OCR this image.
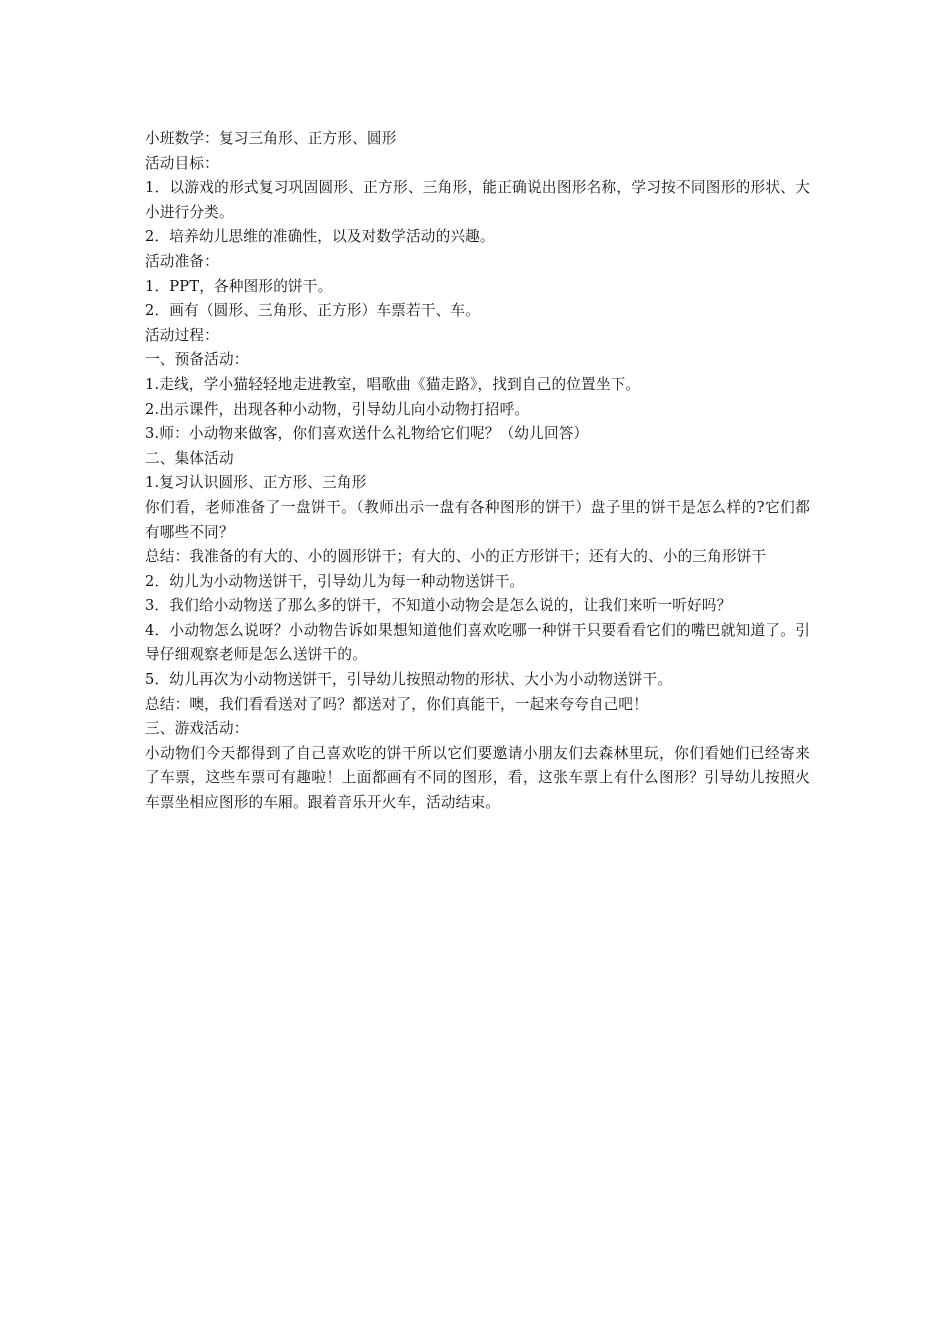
小班数学：复习三角形、正方形、圆形

活动目标：

1．以游戏的形式复习巩固圆形、正方形、三角形，能正确说出图形名称，学习按不同图形的形状、大小进行分类。

2．培养幼儿思维的准确性，以及对数学活动的兴趣。

活动准备：

1．PPT，各种图形的饼干。

2．画有（圆形、三角形、正方形）车票若干、车。

活动过程：

一、预备活动：

1.走线，学小猫轻轻地走进教室，唱歌曲《猫走路》，找到自己的位置坐下。

2.出示课件，出现各种小动物，引导幼儿向小动物打招呼。

3.师：小动物来做客，你们喜欢送什么礼物给它们呢？（幼儿回答）

二、集体活动

1.复习认识圆形、正方形、三角形

你们看，老师准备了一盘饼干。（教师出示一盘有各种图形的饼干）盘子里的饼干是怎么样的?它们都有哪些不同？

总结：我准备的有大的、小的圆形饼干；有大的、小的正方形饼干；还有大的、小的三角形饼干

2．幼儿为小动物送饼干，引导幼儿为每一种动物送饼干。

3．我们给小动物送了那么多的饼干，不知道小动物会是怎么说的，让我们来听一听好吗？

4．小动物怎么说呀？小动物告诉如果想知道他们喜欢吃哪一种饼干只要看看它们的嘴巴就知道了。引导仔细观察老师是怎么送饼干的。

5．幼儿再次为小动物送饼干，引导幼儿按照动物的形状、大小为小动物送饼干。

总结：噢，我们看看送对了吗？都送对了，你们真能干，一起来夸夸自己吧！

三、游戏活动：

小动物们今天都得到了自己喜欢吃的饼干所以它们要邀请小朋友们去森林里玩，你们看她们已经寄来了车票，这些车票可有趣啦！上面都画有不同的图形，看，这张车票上有什么图形？引导幼儿按照火车票坐相应图形的车厢。跟着音乐开火车，活动结束。
